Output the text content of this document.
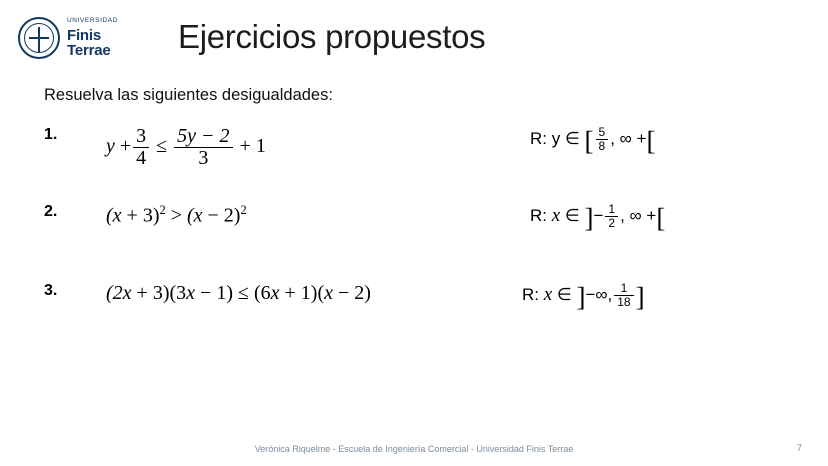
UNIVERSIDAD
Finis Terrae	Ejercicios propuestos
Resuelva las siguientes desigualdades:
1.
$y + \frac{3}{4} \le \frac{5y - 2}{3} + 1$	R: y ∈ [ $\frac{5}{8}$ , ∞ +[
2. $(x + 3)^2 > (x - 2)^2$	R: x ∈ ]− $\frac{1}{2}$ , ∞ +[
3. (2x + 3)(3x − 1) ≤ (6x + 1)(x − 2)	R: x ∈ ]−∞, $\frac{1}{18}$ ]
Verónica Riquelme - Escuela de Ingeniería Comercial - Universidad Finis Terrae	7
